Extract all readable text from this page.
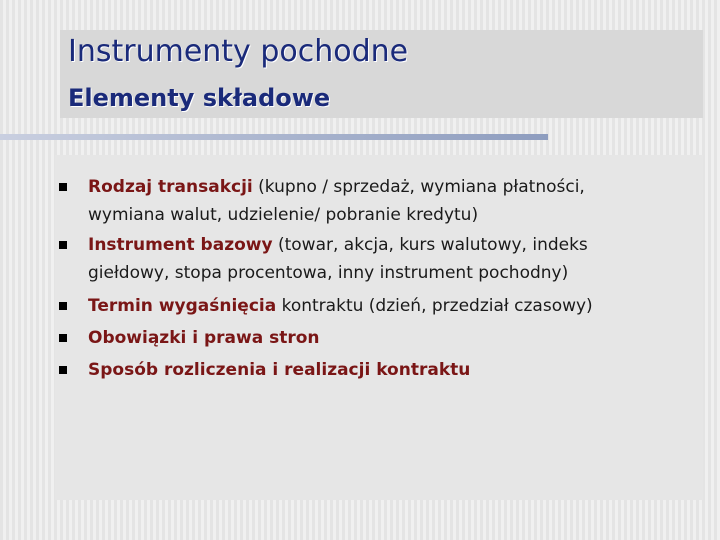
Instrumenty pochodne
Elementy składowe
Rodzaj transakcji (kupno / sprzedaż, wymiana płatności,
wymiana walut, udzielenie/ pobranie kredytu)
Instrument bazowy (towar, akcja, kurs walutowy, indeks
giełdowy, stopa procentowa, inny instrument pochodny)
Termin wygaśnięcia kontraktu (dzień, przedział czasowy)
Obowiązki i prawa stron
Sposób rozliczenia i realizacji kontraktu
